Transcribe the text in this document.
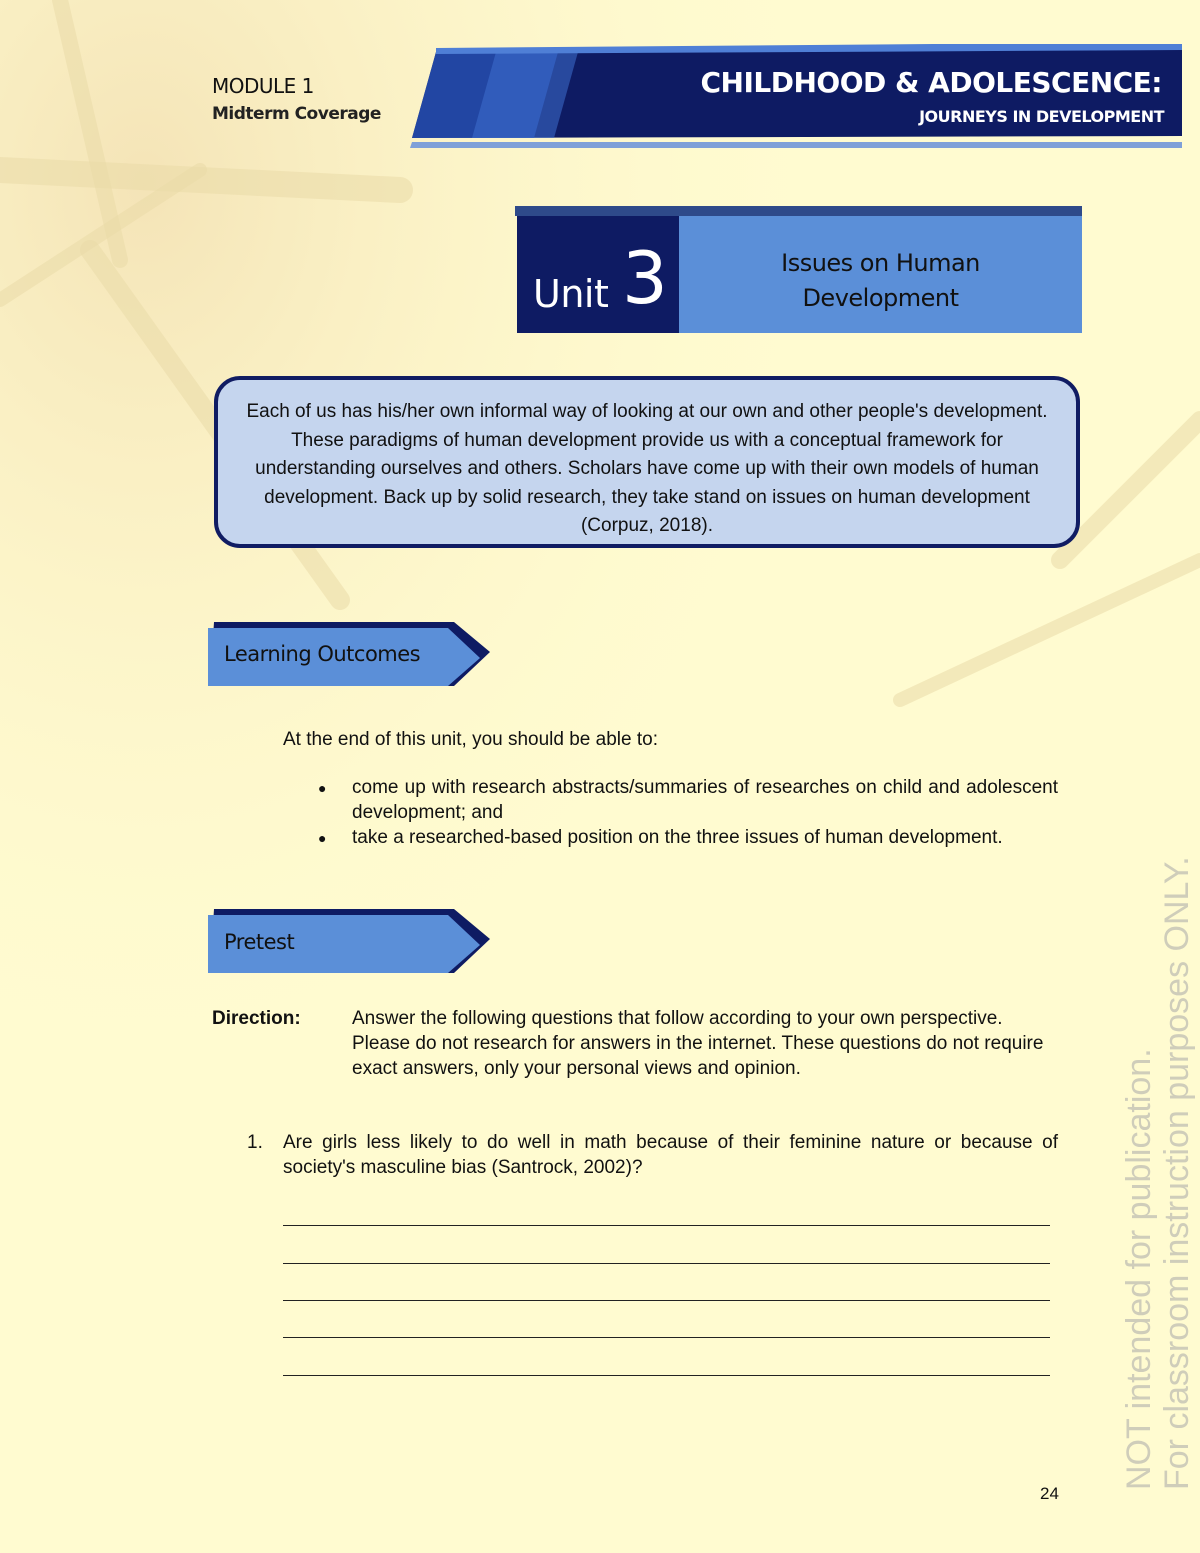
MODULE 1
Midterm Coverage
CHILDHOOD & ADOLESCENCE:
JOURNEYS IN DEVELOPMENT
Unit 3	Issues on Human
Development
Each of us has his/her own informal way of looking at our own and other people's development. These paradigms of human development provide us with a conceptual framework for understanding ourselves and others. Scholars have come up with their own models of human development. Back up by solid research, they take stand on issues on human development (Corpuz, 2018).
Learning Outcomes
At the end of this unit, you should be able to:
● come up with research abstracts/summaries of researches on child and adolescent development; and
● take a researched-based position on the three issues of human development.
Pretest
Direction:	Answer the following questions that follow according to your own perspective. Please do not research for answers in the internet. These questions do not require exact answers, only your personal views and opinion.
1. Are girls less likely to do well in math because of their feminine nature or because of society's masculine bias (Santrock, 2002)?	NOT intended for publication. For classroom instruction purposes ONLY.
24
